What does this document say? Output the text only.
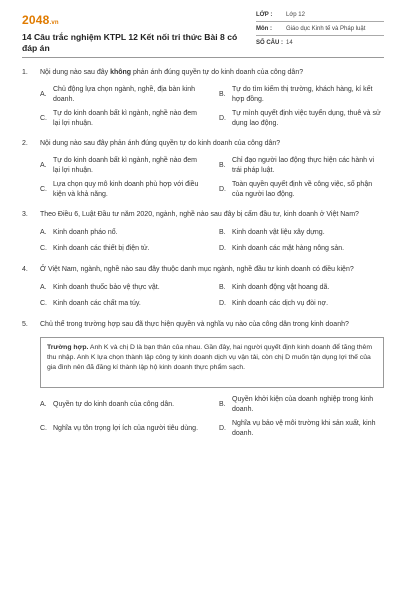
2048.vn
14 Câu trắc nghiệm KTPL 12 Kết nối tri thức Bài 8 có đáp án
LỚP :	Lớp 12
Môn :	Giáo dục Kinh tế và Pháp luật
SỐ CÂU : 14
1.	Nội dung nào sau đây không phản ánh đúng quyền tự do kinh doanh của công dân?
A.
Chủ động lựa chọn ngành, nghề, địa bàn kinh doanh.
B.
Tự do tìm kiếm thị trường, khách hàng, kí kết hợp đồng.
C.
Tự do kinh doanh bất kì ngành, nghề nào đem lại lợi nhuận.
D.
Tự mình quyết định việc tuyển dụng, thuê và sử dụng lao động.
2.	Nội dung nào sau đây phản ánh đúng quyền tự do kinh doanh của công dân?
A.
Tự do kinh doanh bất kì ngành, nghề nào đem lại lợi nhuận.
B.
Chỉ đạo người lao động thực hiện các hành vi trái pháp luật.
C.
Lựa chọn quy mô kinh doanh phù hợp với điều kiện và khả năng.
D.
Toàn quyền quyết định về công việc, số phận của người lao động.
3.	Theo Điều 6, Luật Đầu tư năm 2020, ngành, nghề nào sau đây bị cấm đầu tư, kinh doanh ở Việt Nam?
A. Kinh doanh pháo nổ.	B. Kinh doanh vật liệu xây dựng.
C. Kinh doanh các thiết bị điện tử.	D. Kinh doanh các mặt hàng nông sản.
4.	Ở Việt Nam, ngành, nghề nào sau đây thuộc danh mục ngành, nghề đầu tư kinh doanh có điều kiện?
A. Kinh doanh thuốc bảo vệ thực vật.	B. Kinh doanh động vật hoang dã.
C. Kinh doanh các chất ma túy.	D. Kinh doanh các dịch vụ đòi nợ.
5.	Chủ thể trong trường hợp sau đã thực hiện quyền và nghĩa vụ nào của công dân trong kinh doanh?
Trường hợp. Anh K và chị D là bạn thân của nhau. Gần đây, hai người quyết định kinh doanh để tăng thêm thu nhập. Anh K lựa chọn thành lập công ty kinh doanh dịch vụ vận tải, còn chị D muốn tận dụng lợi thế của gia đình nên đã đăng kí thành lập hộ kinh doanh thực phẩm sạch.
A. Quyền tự do kinh doanh của công dân.	B.
Quyền khởi kiện của doanh nghiệp trong kinh doanh.
C. Nghĩa vụ tôn trọng lợi ích của người tiêu dùng.	D.
Nghĩa vụ bảo vệ môi trường khi sản xuất, kinh doanh.
